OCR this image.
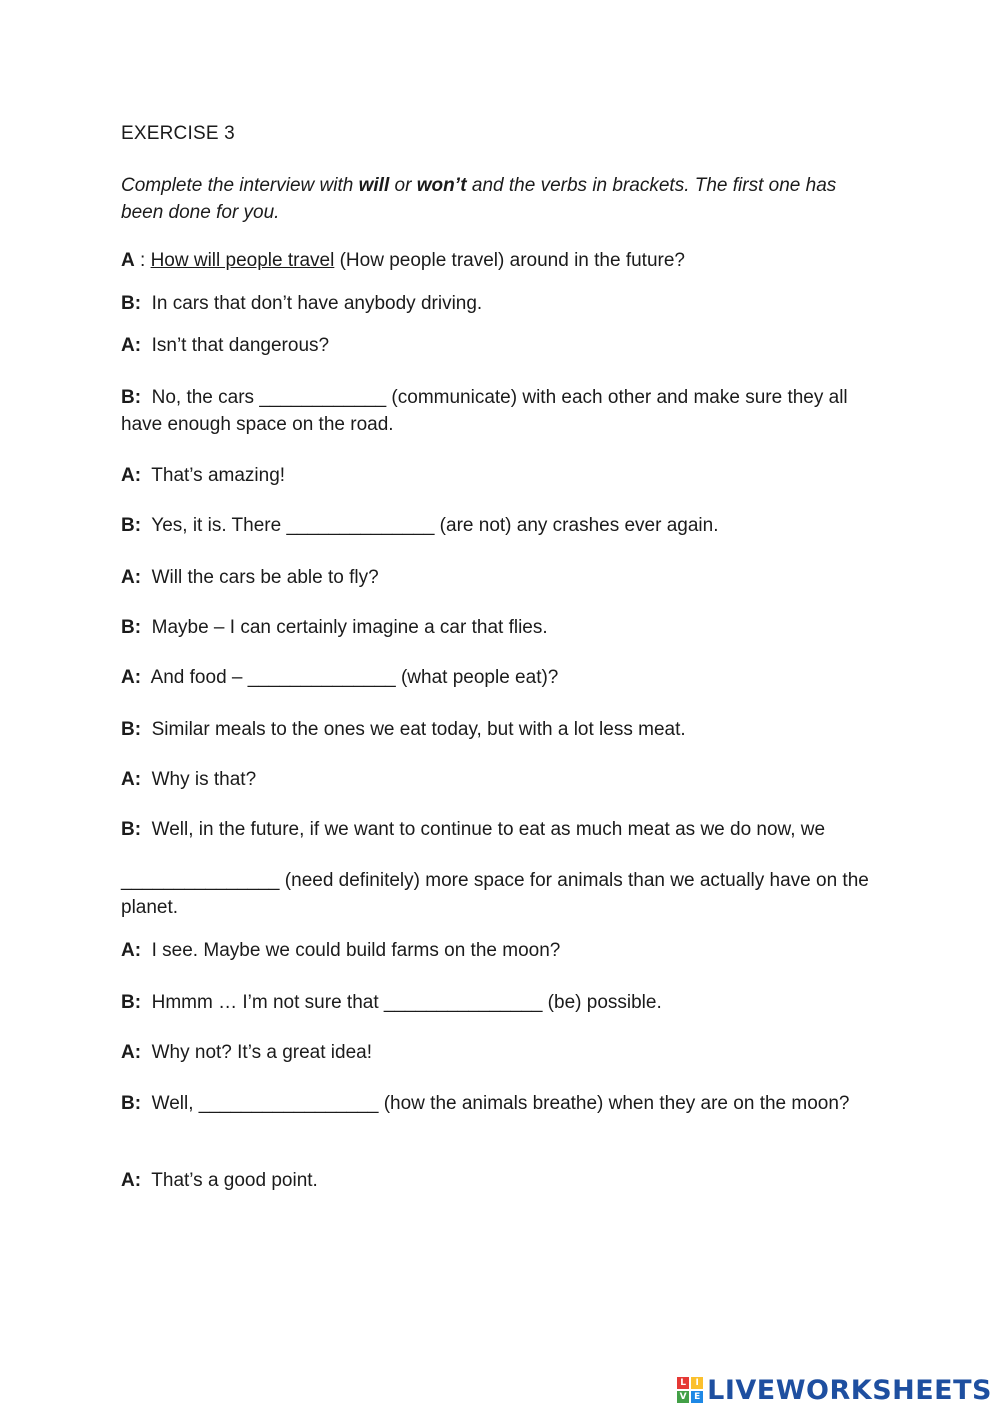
EXERCISE 3
Complete the interview with will or won’t and the verbs in brackets. The first one has been done for you.
A : How will people travel (How people travel) around in the future?
B:  In cars that don’t have anybody driving.
A:  Isn’t that dangerous?
B:  No, the cars ____________ (communicate) with each other and make sure they all have enough space on the road.
A:  That’s amazing!
B:  Yes, it is. There ______________ (are not) any crashes ever again.
A:  Will the cars be able to fly?
B:  Maybe – I can certainly imagine a car that flies.
A:  And food – ______________ (what people eat)?
B:  Similar meals to the ones we eat today, but with a lot less meat.
A:  Why is that?
B:  Well, in the future, if we want to continue to eat as much meat as we do now, we
_______________ (need definitely) more space for animals than we actually have on the planet.
A:  I see. Maybe we could build farms on the moon?
B:  Hmmm … I’m not sure that _______________ (be) possible.
A:  Why not? It’s a great idea!
B:  Well, _________________ (how the animals breathe) when they are on the moon?
A:  That’s a good point.
L	I
V E LIVEWORKSHEETS
